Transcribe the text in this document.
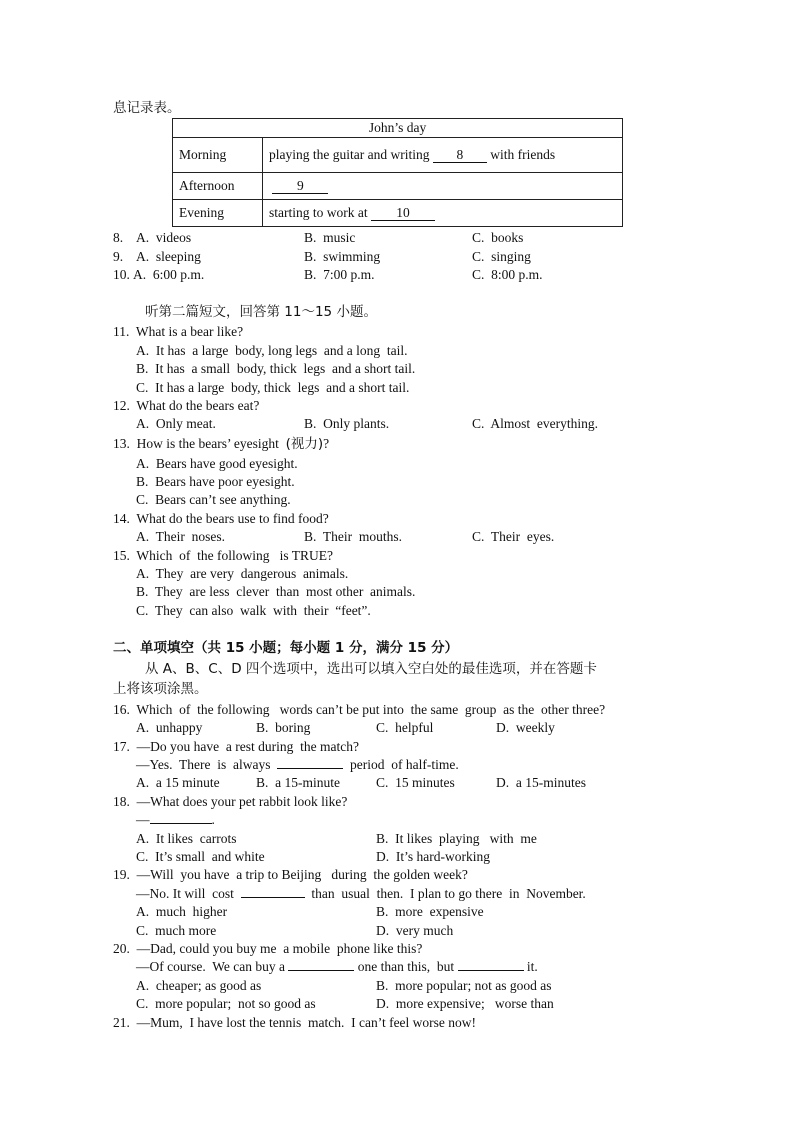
息记录表。
John’s day	
Morning	playing the guitar and writing 8 with friends
Afternoon	9
Evening	starting to work at 10
8. A.  videos	B.  music	C.  books
9. A.  sleeping	B.  swimming	C.  singing
10. A.  6:00 p.m.	B.  7:00 p.m.	C.  8:00 p.m.
听第二篇短文，回答第 11～15 小题。
11.  What is a bear like?
A.  It has  a large  body, long legs  and a long  tail.
B.  It has  a small  body, thick  legs  and a short tail.
C.  It has a large  body, thick  legs  and a short tail.
12.  What do the bears eat?
A.  Only meat.	B.  Only plants.	C.  Almost  everything.
13.  How is the bears’ eyesight  (视力)?
A.  Bears have good eyesight.
B.  Bears have poor eyesight.
C.  Bears can’t see anything.
14.  What do the bears use to find food?
A.  Their  noses.	B.  Their  mouths.	C.  Their  eyes.
15.  Which  of  the following   is TRUE?
A.  They  are very  dangerous  animals.
B.  They  are less  clever  than  most other  animals.
C.  They  can also  walk  with  their  “feet”.
二、单项填空（共 15 小题；每小题 1 分，满分 15 分）
从 A、B、C、D 四个选项中，选出可以填入空白处的最佳选项，并在答题卡
上将该项涂黑。
16.  Which  of  the following   words can’t be put into  the same  group  as the  other three?
A.  unhappy	B.  boring	C.  helpful	D.  weekly
17.  —Do you have  a rest during  the match?
—Yes.  There  is  always	period  of half-time.
A.  a 15 minute	B.  a 15-minute	C.  15 minutes	D.  a 15-minutes
18.  —What does your pet rabbit look like?
—	.
A.  It likes  carrots	B.  It likes  playing   with  me
C.  It’s small  and white	D.  It’s hard-working
19.  —Will  you have  a trip to Beijing   during  the golden week?
—No. It will  cost	than  usual  then.  I plan to go there  in  November.
A.  much  higher	B.  more  expensive
C.  much more	D.  very much
20.  —Dad, could you buy me  a mobile  phone like this?
—Of course.  We can buy a	one than this,  but	it.
A.  cheaper; as good as	B.  more popular; not as good as
C.  more popular;  not so good as	D.  more expensive;   worse than
21.  —Mum,  I have lost the tennis  match.  I can’t feel worse now!
